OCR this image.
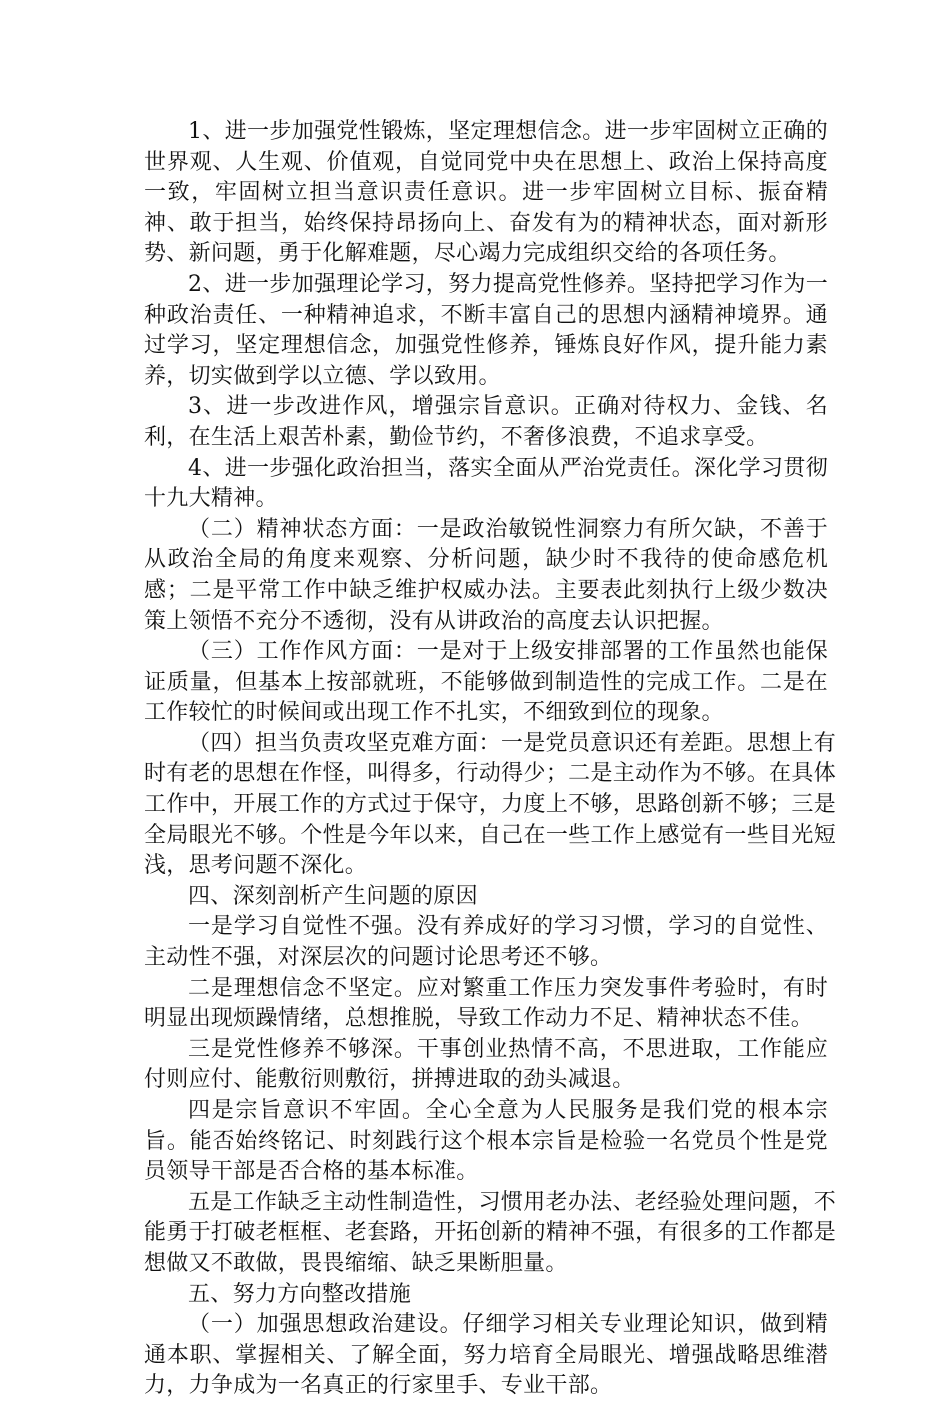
1、进一步加强党性锻炼，坚定理想信念。进一步牢固树立正确的世界观、人生观、价值观，自觉同党中央在思想上、政治上保持高度一致，牢固树立担当意识责任意识。进一步牢固树立目标、振奋精神、敢于担当，始终保持昂扬向上、奋发有为的精神状态，面对新形势、新问题，勇于化解难题，尽心竭力完成组织交给的各项任务。

2、进一步加强理论学习，努力提高党性修养。坚持把学习作为一种政治责任、一种精神追求，不断丰富自己的思想内涵精神境界。通过学习，坚定理想信念，加强党性修养，锤炼良好作风，提升能力素养，切实做到学以立德、学以致用。

3、进一步改进作风，增强宗旨意识。正确对待权力、金钱、名利，在生活上艰苦朴素，勤俭节约，不奢侈浪费，不追求享受。

4、进一步强化政治担当，落实全面从严治党责任。深化学习贯彻十九大精神。

（二）精神状态方面：一是政治敏锐性洞察力有所欠缺，不善于从政治全局的角度来观察、分析问题，缺少时不我待的使命感危机感；二是平常工作中缺乏维护权威办法。主要表此刻执行上级少数决策上领悟不充分不透彻，没有从讲政治的高度去认识把握。

（三）工作作风方面：一是对于上级安排部署的工作虽然也能保证质量，但基本上按部就班，不能够做到制造性的完成工作。二是在工作较忙的时候间或出现工作不扎实，不细致到位的现象。

（四）担当负责攻坚克难方面：一是党员意识还有差距。思想上有时有老的思想在作怪，叫得多，行动得少；二是主动作为不够。在具体工作中，开展工作的方式过于保守，力度上不够，思路创新不够；三是全局眼光不够。个性是今年以来，自己在一些工作上感觉有一些目光短浅，思考问题不深化。

四、深刻剖析产生问题的原因

一是学习自觉性不强。没有养成好的学习习惯，学习的自觉性、主动性不强，对深层次的问题讨论思考还不够。

二是理想信念不坚定。应对繁重工作压力突发事件考验时，有时明显出现烦躁情绪，总想推脱，导致工作动力不足、精神状态不佳。

三是党性修养不够深。干事创业热情不高，不思进取，工作能应付则应付、能敷衍则敷衍，拼搏进取的劲头减退。

四是宗旨意识不牢固。全心全意为人民服务是我们党的根本宗旨。能否始终铭记、时刻践行这个根本宗旨是检验一名党员个性是党员领导干部是否合格的基本标准。

五是工作缺乏主动性制造性，习惯用老办法、老经验处理问题，不能勇于打破老框框、老套路，开拓创新的精神不强，有很多的工作都是想做又不敢做，畏畏缩缩、缺乏果断胆量。

五、努力方向整改措施

（一）加强思想政治建设。仔细学习相关专业理论知识，做到精通本职、掌握相关、了解全面，努力培育全局眼光、增强战略思维潜力，力争成为一名真正的行家里手、专业干部。
